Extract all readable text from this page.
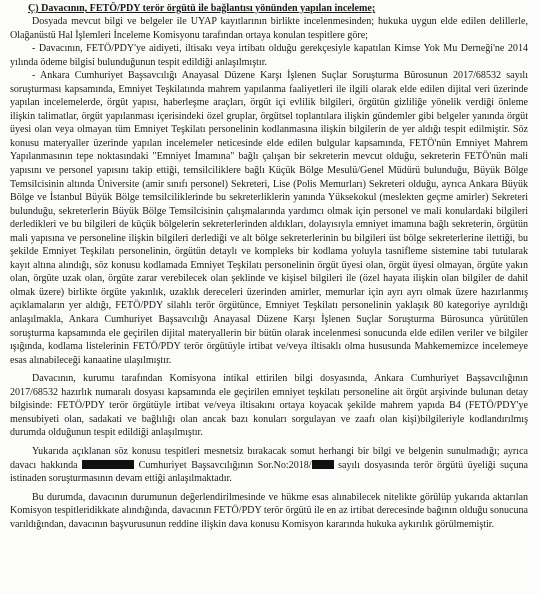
Ç) Davacının, FETÖ/PDY terör örgütü ile bağlantısı yönünden yapılan inceleme;

Dosyada mevcut bilgi ve belgeler ile UYAP kayıtlarının birlikte incelenmesinden; hukuka uygun elde edilen delillerle, Olağanüstü Hal İşlemleri İnceleme Komisyonu tarafından ortaya konulan tespitlere göre;

- Davacının, FETÖ/PDY'ye aidiyeti, iltisakı veya irtibatı olduğu gerekçesiyle kapatılan Kimse Yok Mu Derneği'ne 2014 yılında ödeme bilgisi bulunduğunun tespit edildiği anlaşılmıştır.

- Ankara Cumhuriyet Başsavcılığı Anayasal Düzene Karşı İşlenen Suçlar Soruşturma Bürosunun 2017/68532 sayılı soruşturması kapsamında, Emniyet Teşkilatında mahrem yapılanma faaliyetleri ile ilgili olarak elde edilen dijital veri üzerinde yapılan incelemelerde, örgüt yapısı, haberleşme araçları, örgüt içi evlilik bilgileri, örgütün gizliliğe yönelik verdiği önleme ilişkin talimatlar, örgüt yapılanması içerisindeki özel gruplar, örgütsel toplantılara ilişkin gündemler gibi belgeler yanında örgüt üyesi olan veya olmayan tüm Emniyet Teşkilatı personelinin kodlanmasına ilişkin bilgilerin de yer aldığı tespit edilmiştir. Söz konusu materyaller üzerinde yapılan incelemeler neticesinde elde edilen bulgular kapsamında, FETÖ'nün Emniyet Mahrem Yapılanmasının tepe noktasındaki "Emniyet İmamına" bağlı çalışan bir sekreterin mevcut olduğu, sekreterin FETÖ'nün mali yapısını ve personel yapısını takip ettiği, temsilciliklere bağlı Küçük Bölge Mesulü/Genel Müdürü bulunduğu, Büyük Bölge Temsilcisinin altında Üniversite (amir sınıfı personel) Sekreteri, Lise (Polis Memurları) Sekreteri olduğu, ayrıca Ankara Büyük Bölge ve İstanbul Büyük Bölge temsilciliklerinde bu sekreterliklerin yanında Yüksekokul (meslekten geçme amirler) Sekreteri bulunduğu, sekreterlerin Büyük Bölge Temsilcisinin çalışmalarında yardımcı olmak için personel ve mali konulardaki bilgileri derledikleri ve bu bilgileri de küçük bölgelerin sekreterlerinden aldıkları, dolayısıyla emniyet imamına bağlı sekreterin, örgütün mali yapısına ve personeline ilişkin bilgileri derlediği ve alt bölge sekreterlerinin bu bilgileri üst bölge sekreterlerine ilettiği, bu şekilde Emniyet Teşkilatı personelinin, örgütün detaylı ve kompleks bir kodlama yoluyla tasnifleme sistemine tabi tutularak kayıt altına alındığı, söz konusu kodlamada Emniyet Teşkilatı personelinin örgüt üyesi olan, örgüt üyesi olmayan, örgüte yakın olan, örgüte uzak olan, örgüte zarar verebilecek olan şeklinde ve kişisel bilgileri ile (özel hayata ilişkin olan bilgiler de dahil olmak üzere) birlikte örgüte yakınlık, uzaklık dereceleri üzerinden amirler, memurlar için ayrı ayrı olmak üzere hazırlanmış açıklamaların yer aldığı, FETÖ/PDY silahlı terör örgütünce, Emniyet Teşkilatı personelinin yaklaşık 80 kategoriye ayrıldığı anlaşılmakla, Ankara Cumhuriyet Başsavcılığı Anayasal Düzene Karşı İşlenen Suçlar Soruşturma Bürosunca yürütülen soruşturma kapsamında ele geçirilen dijital materyallerin bir bütün olarak incelenmesi sonucunda elde edilen veriler ve bilgiler ışığında, kodlama listelerinin FETÖ/PDY terör örgütüyle irtibat ve/veya iltisaklı olma hususunda Mahkememizce incelemeye esas alınabileceği kanaatine ulaşılmıştır.

Davacının, kurumu tarafından Komisyona intikal ettirilen bilgi dosyasında, Ankara Cumhuriyet Başsavcılığının 2017/68532 hazırlık numaralı dosyası kapsamında ele geçirilen emniyet teşkilatı personeline ait örgüt arşivinde bulunan detay bilgisinde: FETÖ/PDY terör örgütüyle irtibat ve/veya iltisakını ortaya koyacak şekilde mahrem yapıda B4 (FETÖ/PDY'ye mensubiyeti olan, sadakati ve bağlılığı olan ancak bazı konuları sorgulayan ve zaafı olan kişi)bilgileriyle kodlandırılmış durumda olduğunun tespit edildiği anlaşılmıştır.

Yukarıda açıklanan söz konusu tespitleri mesnetsiz bırakacak somut herhangi bir bilgi ve belgenin sunulmadığı; ayrıca davacı hakkında	Cumhuriyet Başsavcılığının Sor.No:2018/	sayılı dosyasında terör örgütü üyeliği suçuna istinaden soruşturmasının devam ettiği anlaşılmaktadır.

Bu durumda, davacının durumunun değerlendirilmesinde ve hükme esas alınabilecek nitelikte görülüp yukarıda aktarılan Komisyon tespitleridikkate alındığında, davacının FETÖ/PDY terör örgütü ile en az irtibat derecesinde bağının olduğu sonucuna varıldığından, davacının başvurusunun reddine ilişkin dava konusu Komisyon kararında hukuka aykırılık görülmemiştir.
